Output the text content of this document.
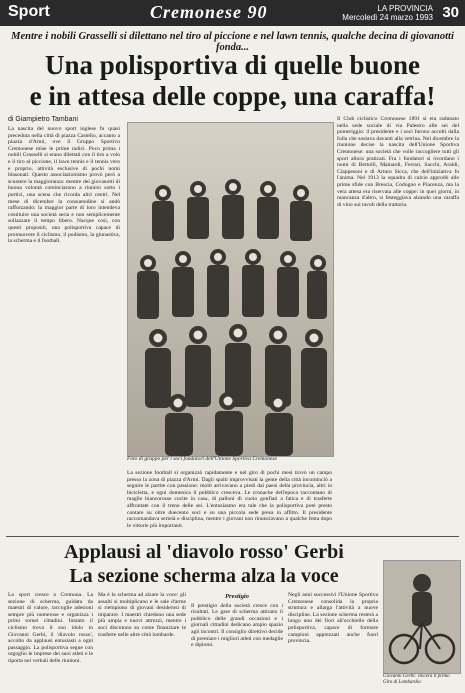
Sport	Cremonese 90	LA PROVINCIA
Mercoledì 24 marzo 1993 30
Mentre i nobili Grasselli si dilettano nel tiro al piccione e nel lawn tennis, qualche decina di giovanotti fonda...
Una polisportiva di quelle buone
e in attesa delle coppe, una caraffa!
di Giampietro Tambani
La nascita del nuovo sport inglese fu quasi preceduta nella città di piazza Castello, accanto a piazza d'Armi, ove il Gruppo Sportivo Cremonese mise le prime radici. Poco prima i nobili Grasselli si erano dilettati con il tiro a volo e il tiro al piccione, il lawn tennis e il tennis vero e proprio, attività esclusive di pochi nomi blasonati. Questo associazionismo provò però a scuotere la maggioranza: mentre dei giovanotti di buona volontà cominciarono a riunirsi sotto i portici, una scena che ricorda altri centri. Nel mese di dicembre la consuetudine si andò rafforzando: la maggior parte di loro intendeva costituire una società seria e non semplicemente sollazzare il tempo libero. Nacque così, con questi propositi, una polisportiva capace di promuovere il ciclismo, il podismo, la ginnastica, la scherma e il football.
Foto di gruppo per i soci fondatori dell'Unione Sportiva Cremonese
Il Club ciclistico Cremonese 1891 si era radunato nella sede sociale di via Palestro alle sei del pomeriggio: il presidente e i soci furono accolti dalla folla che sostava davanti alla vetrina. Nel dicembre la riunione decise la nascita dell'Unione Sportiva Cremonese: una società che volle raccogliere tutti gli sport allora praticati. Fra i fondatori si ricordano i nomi di Bertolli, Mainardi, Ferrari, Sacchi, Araldi, Ciappesoni e di Arturo Sicca, che dell'iniziativa fu l'anima. Nel 1913 la squadra di calcio approdò alle prime sfide con Brescia, Codogno e Piacenza, ma la vera attesa era riservata alle coppe: in quei giorni, in mancanza d'altro, si festeggiava alzando una caraffa di vino sui tavoli della trattoria.
La sezione football si organizzò rapidamente e nel giro di pochi mesi trovò un campo presso la zona di piazza d'Armi. Dagli spalti improvvisati la gente della città incominciò a seguire le partite con passione: molti arrivavano a piedi dai paesi della provincia, altri in bicicletta, e ogni domenica il pubblico cresceva. Le cronache dell'epoca raccontano di maglie biancorosse cucite in casa, di palloni di cuoio gonfiati a fatica e di trasferte affrontate con il treno delle sei. L'entusiasmo era tale che la polisportiva poté presto contare su oltre duecento soci e su una piccola sede presa in affitto. Il presidente raccomandava serietà e disciplina, mentre i giovani non rinunciavano a qualche festa dopo le vittorie più importanti.
Applausi al 'diavolo rosso' Gerbi
La sezione scherma alza la voce
Lo sport cresce a Cremona. La sezione di scherma, guidata da maestri di valore, raccoglie adesioni sempre più numerose e organizza i primi tornei cittadini. Intanto il ciclismo trova il suo idolo in Giovanni Gerbi, il 'diavolo rosso', accolto da applausi entusiasti a ogni passaggio. La polisportiva segue con orgoglio le imprese dei suoi atleti e le riporta nei verbali delle riunioni.
Ma è la scherma ad alzare la voce: gli assalti si moltiplicano e le sale d'arme si riempiono di giovani desiderosi di imparare. I maestri chiedono una sede più ampia e nuovi attrezzi, mentre i soci discutono su come finanziare le trasferte nelle altre città lombarde.
Prestigio
Il prestigio della società cresce con i risultati. Le gare di scherma attirano il pubblico delle grandi occasioni e i giornali cittadini dedicano ampio spazio agli incontri. Il consiglio direttivo decide di premiare i migliori atleti con medaglie e diplomi.
Negli anni successivi l'Unione Sportiva Cremonese consolida la propria struttura e allarga l'attività a nuove discipline. La sezione scherma resterà a lungo uno dei fiori all'occhiello della polisportiva, capace di formare campioni apprezzati anche fuori provincia.
Giovanni Gerbi: vincerà il primo Giro di Lombardia
